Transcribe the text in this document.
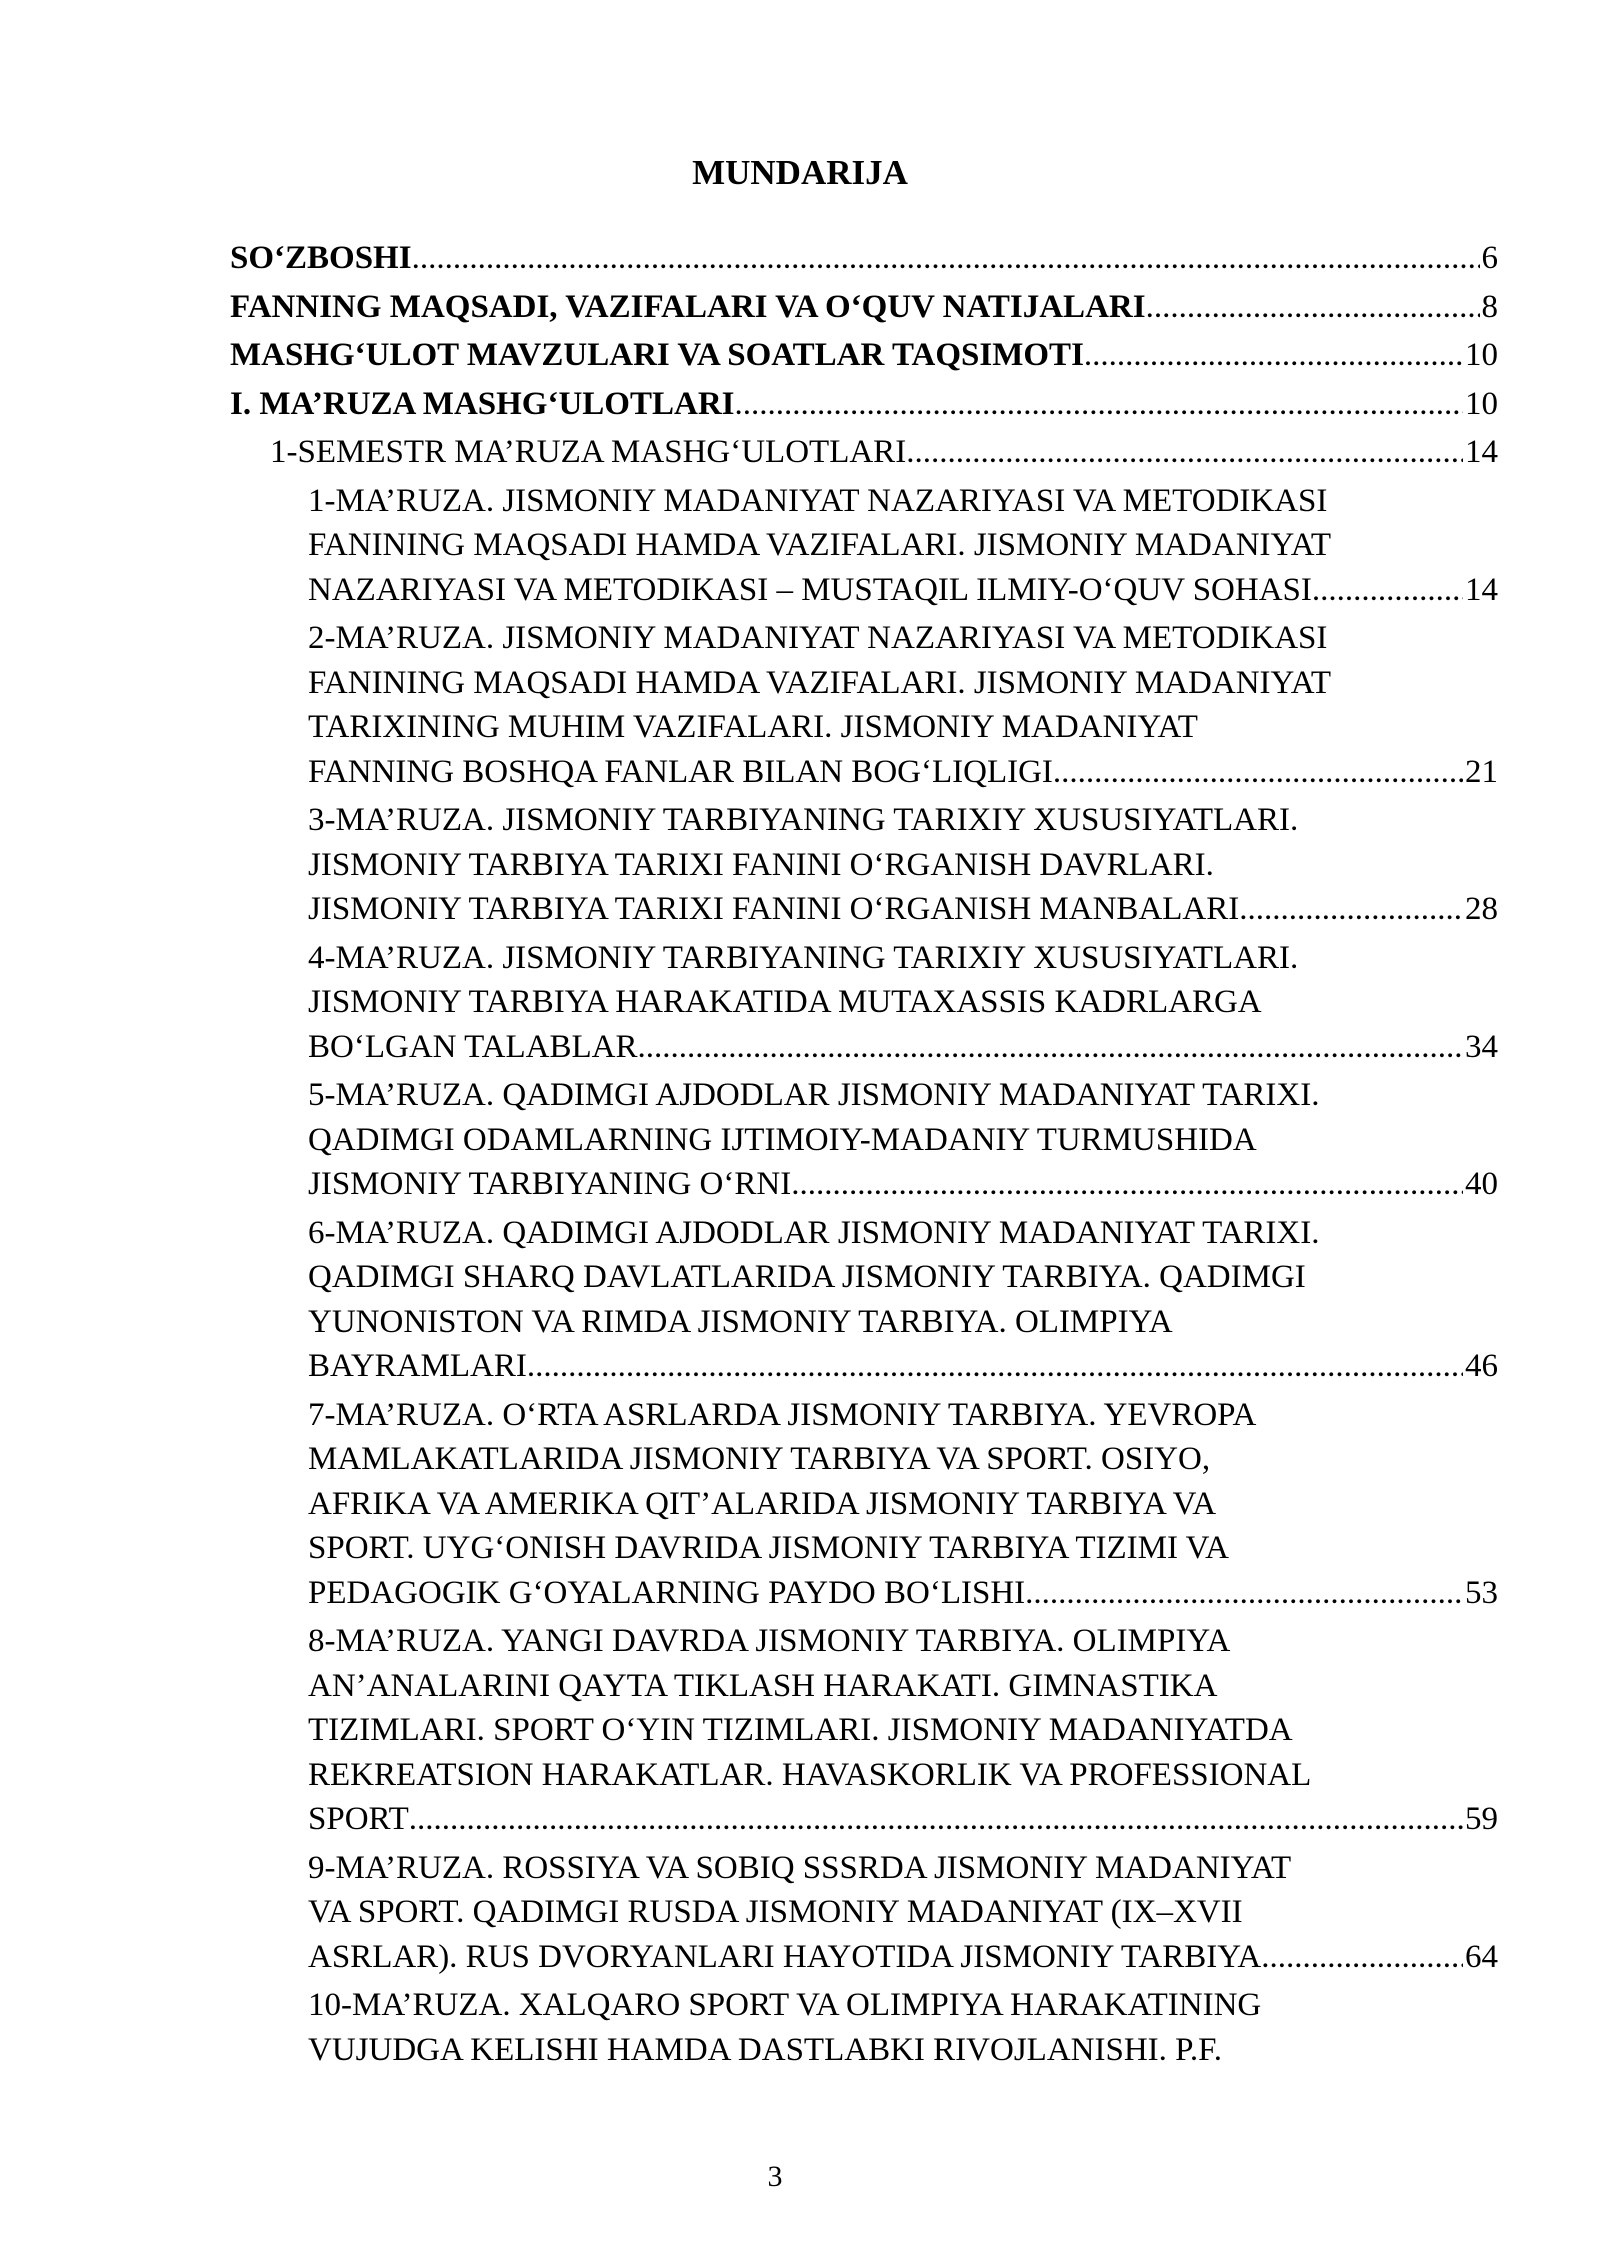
MUNDARIJA
SO‘ZBOSHI .....	6
FANNING MAQSADI, VAZIFALARI VA O‘QUV NATIJALARI .....	8
MASHG‘ULOT MAVZULARI VA SOATLAR TAQSIMOTI .....	10
I. MA’RUZA MASHG‘ULOTLARI .....	10
1-SEMESTR MA’RUZA MASHG‘ULOTLARI .....	14
1-MA’RUZA. JISMONIY MADANIYAT NAZARIYASI VA METODIKASI
FANINING MAQSADI HAMDA VAZIFALARI. JISMONIY MADANIYAT
NAZARIYASI VA METODIKASI – MUSTAQIL ILMIY-O‘QUV SOHASI .....	14
2-MA’RUZA. JISMONIY MADANIYAT NAZARIYASI VA METODIKASI
FANINING MAQSADI HAMDA VAZIFALARI. JISMONIY MADANIYAT
TARIXINING MUHIM VAZIFALARI. JISMONIY MADANIYAT
FANNING BOSHQA FANLAR BILAN BOG‘LIQLIGI .....	21
3-MA’RUZA. JISMONIY TARBIYANING TARIXIY XUSUSIYATLARI.
JISMONIY TARBIYA TARIXI FANINI O‘RGANISH DAVRLARI.
JISMONIY TARBIYA TARIXI FANINI O‘RGANISH MANBALARI .....	28
4-MA’RUZA. JISMONIY TARBIYANING TARIXIY XUSUSIYATLARI.
JISMONIY TARBIYA HARAKATIDA MUTAXASSIS KADRLARGA
BO‘LGAN TALABLAR .....	34
5-MA’RUZA. QADIMGI AJDODLAR JISMONIY MADANIYAT TARIXI.
QADIMGI ODAMLARNING IJTIMOIY-MADANIY TURMUSHIDA
JISMONIY TARBIYANING O‘RNI .....	40
6-MA’RUZA. QADIMGI AJDODLAR JISMONIY MADANIYAT TARIXI.
QADIMGI SHARQ DAVLATLARIDA JISMONIY TARBIYA. QADIMGI
YUNONISTON VA RIMDA JISMONIY TARBIYA. OLIMPIYA
BAYRAMLARI .....	46
7-MA’RUZA. O‘RTA ASRLARDA JISMONIY TARBIYA. YEVROPA
MAMLAKATLARIDA JISMONIY TARBIYA VA SPORT. OSIYO,
AFRIKA VA AMERIKA QIT’ALARIDA JISMONIY TARBIYA VA
SPORT. UYG‘ONISH DAVRIDA JISMONIY TARBIYA TIZIMI VA
PEDAGOGIK G‘OYALARNING PAYDO BO‘LISHI .....	53
8-MA’RUZA. YANGI DAVRDA JISMONIY TARBIYA. OLIMPIYA
AN’ANALARINI QAYTA TIKLASH HARAKATI. GIMNASTIKA
TIZIMLARI. SPORT O‘YIN TIZIMLARI. JISMONIY MADANIYATDA
REKREATSION HARAKATLAR. HAVASKORLIK VA PROFESSIONAL
SPORT .....	59
9-MA’RUZA. ROSSIYA VA SOBIQ SSSRDA JISMONIY MADANIYAT
VA SPORT. QADIMGI RUSDA JISMONIY MADANIYAT (IX–XVII
ASRLAR). RUS DVORYANLARI HAYOTIDA JISMONIY TARBIYA .....	64
10-MA’RUZA. XALQARO SPORT VA OLIMPIYA HARAKATINING
VUJUDGA KELISHI HAMDA DASTLABKI RIVOJLANISHI. P.F.
3
